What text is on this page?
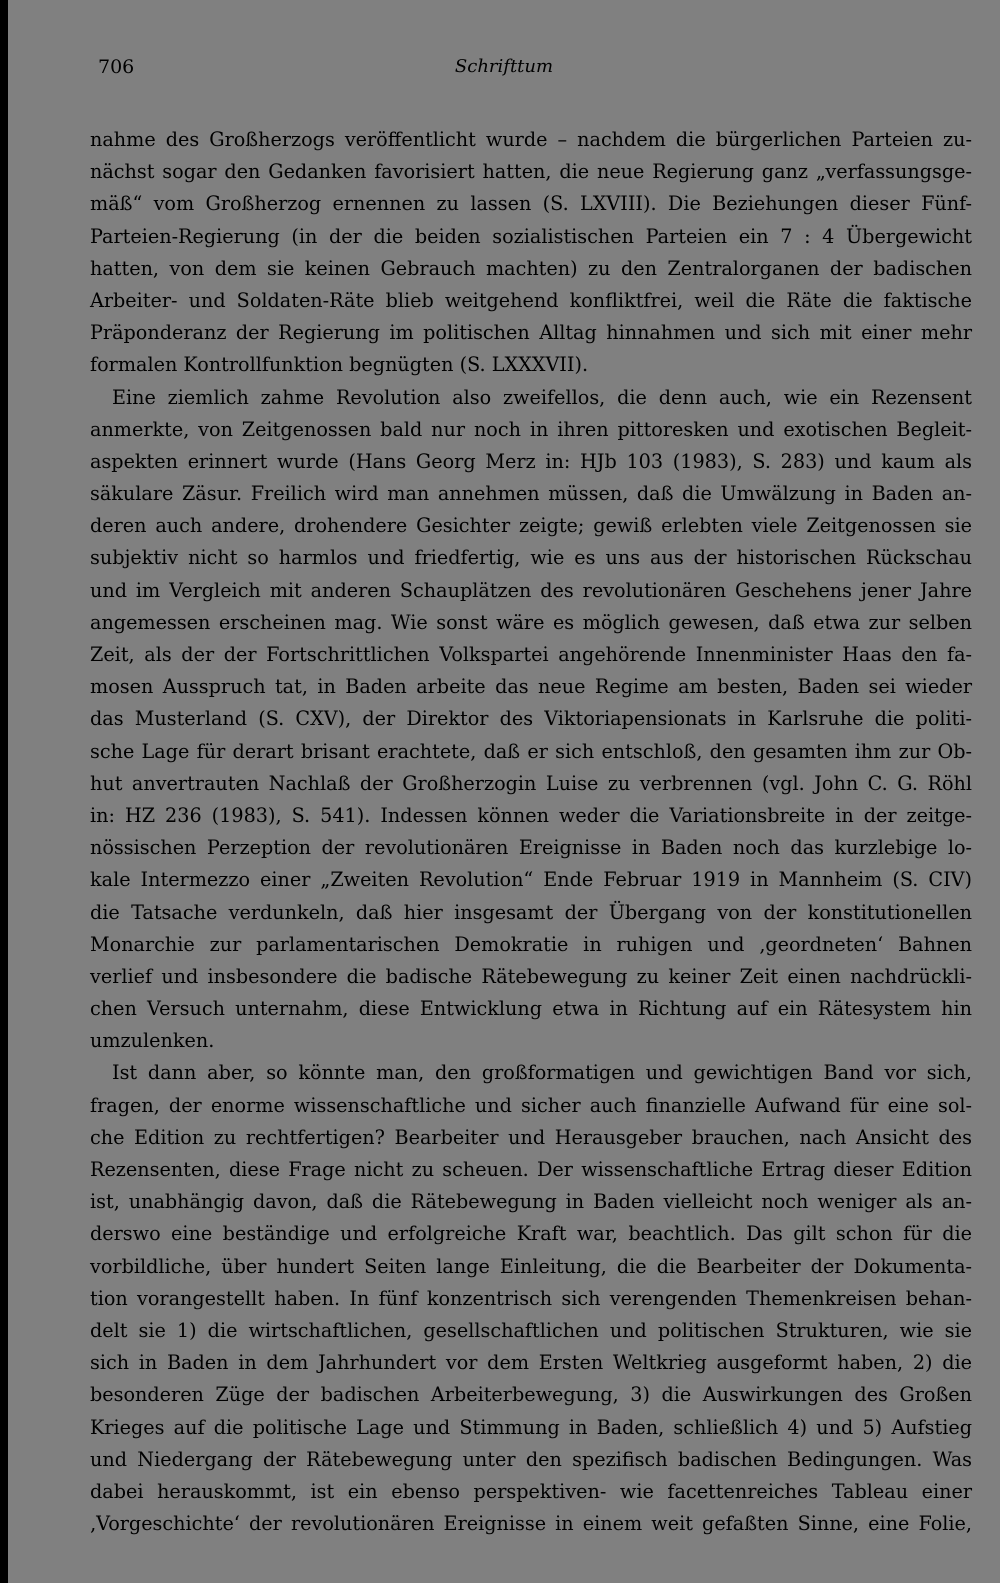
706	Schrifttum
nahme des Großherzogs veröffentlicht wurde – nachdem die bürgerlichen Parteien zu-
nächst sogar den Gedanken favorisiert hatten, die neue Regierung ganz „verfassungsge-
mäß“ vom Großherzog ernennen zu lassen (S. LXVIII). Die Beziehungen dieser Fünf-
Parteien-Regierung (in der die beiden sozialistischen Parteien ein 7 : 4 Übergewicht
hatten, von dem sie keinen Gebrauch machten) zu den Zentralorganen der badischen
Arbeiter- und Soldaten-Räte blieb weitgehend konfliktfrei, weil die Räte die faktische
Präponderanz der Regierung im politischen Alltag hinnahmen und sich mit einer mehr
formalen Kontrollfunktion begnügten (S. LXXXVII).
Eine ziemlich zahme Revolution also zweifellos, die denn auch, wie ein Rezensent
anmerkte, von Zeitgenossen bald nur noch in ihren pittoresken und exotischen Begleit-
aspekten erinnert wurde (Hans Georg Merz in: HJb 103 (1983), S. 283) und kaum als
säkulare Zäsur. Freilich wird man annehmen müssen, daß die Umwälzung in Baden an-
deren auch andere, drohendere Gesichter zeigte; gewiß erlebten viele Zeitgenossen sie
subjektiv nicht so harmlos und friedfertig, wie es uns aus der historischen Rückschau
und im Vergleich mit anderen Schauplätzen des revolutionären Geschehens jener Jahre
angemessen erscheinen mag. Wie sonst wäre es möglich gewesen, daß etwa zur selben
Zeit, als der der Fortschrittlichen Volkspartei angehörende Innenminister Haas den fa-
mosen Ausspruch tat, in Baden arbeite das neue Regime am besten, Baden sei wieder
das Musterland (S. CXV), der Direktor des Viktoriapensionats in Karlsruhe die politi-
sche Lage für derart brisant erachtete, daß er sich entschloß, den gesamten ihm zur Ob-
hut anvertrauten Nachlaß der Großherzogin Luise zu verbrennen (vgl. John C. G. Röhl
in: HZ 236 (1983), S. 541). Indessen können weder die Variationsbreite in der zeitge-
nössischen Perzeption der revolutionären Ereignisse in Baden noch das kurzlebige lo-
kale Intermezzo einer „Zweiten Revolution“ Ende Februar 1919 in Mannheim (S. CIV)
die Tatsache verdunkeln, daß hier insgesamt der Übergang von der konstitutionellen
Monarchie zur parlamentarischen Demokratie in ruhigen und ‚geordneten‘ Bahnen
verlief und insbesondere die badische Rätebewegung zu keiner Zeit einen nachdrückli-
chen Versuch unternahm, diese Entwicklung etwa in Richtung auf ein Rätesystem hin
umzulenken.
Ist dann aber, so könnte man, den großformatigen und gewichtigen Band vor sich,
fragen, der enorme wissenschaftliche und sicher auch finanzielle Aufwand für eine sol-
che Edition zu rechtfertigen? Bearbeiter und Herausgeber brauchen, nach Ansicht des
Rezensenten, diese Frage nicht zu scheuen. Der wissenschaftliche Ertrag dieser Edition
ist, unabhängig davon, daß die Rätebewegung in Baden vielleicht noch weniger als an-
derswo eine beständige und erfolgreiche Kraft war, beachtlich. Das gilt schon für die
vorbildliche, über hundert Seiten lange Einleitung, die die Bearbeiter der Dokumenta-
tion vorangestellt haben. In fünf konzentrisch sich verengenden Themenkreisen behan-
delt sie 1) die wirtschaftlichen, gesellschaftlichen und politischen Strukturen, wie sie
sich in Baden in dem Jahrhundert vor dem Ersten Weltkrieg ausgeformt haben, 2) die
besonderen Züge der badischen Arbeiterbewegung, 3) die Auswirkungen des Großen
Krieges auf die politische Lage und Stimmung in Baden, schließlich 4) und 5) Aufstieg
und Niedergang der Rätebewegung unter den spezifisch badischen Bedingungen. Was
dabei herauskommt, ist ein ebenso perspektiven- wie facettenreiches Tableau einer
‚Vorgeschichte‘ der revolutionären Ereignisse in einem weit gefaßten Sinne, eine Folie,
